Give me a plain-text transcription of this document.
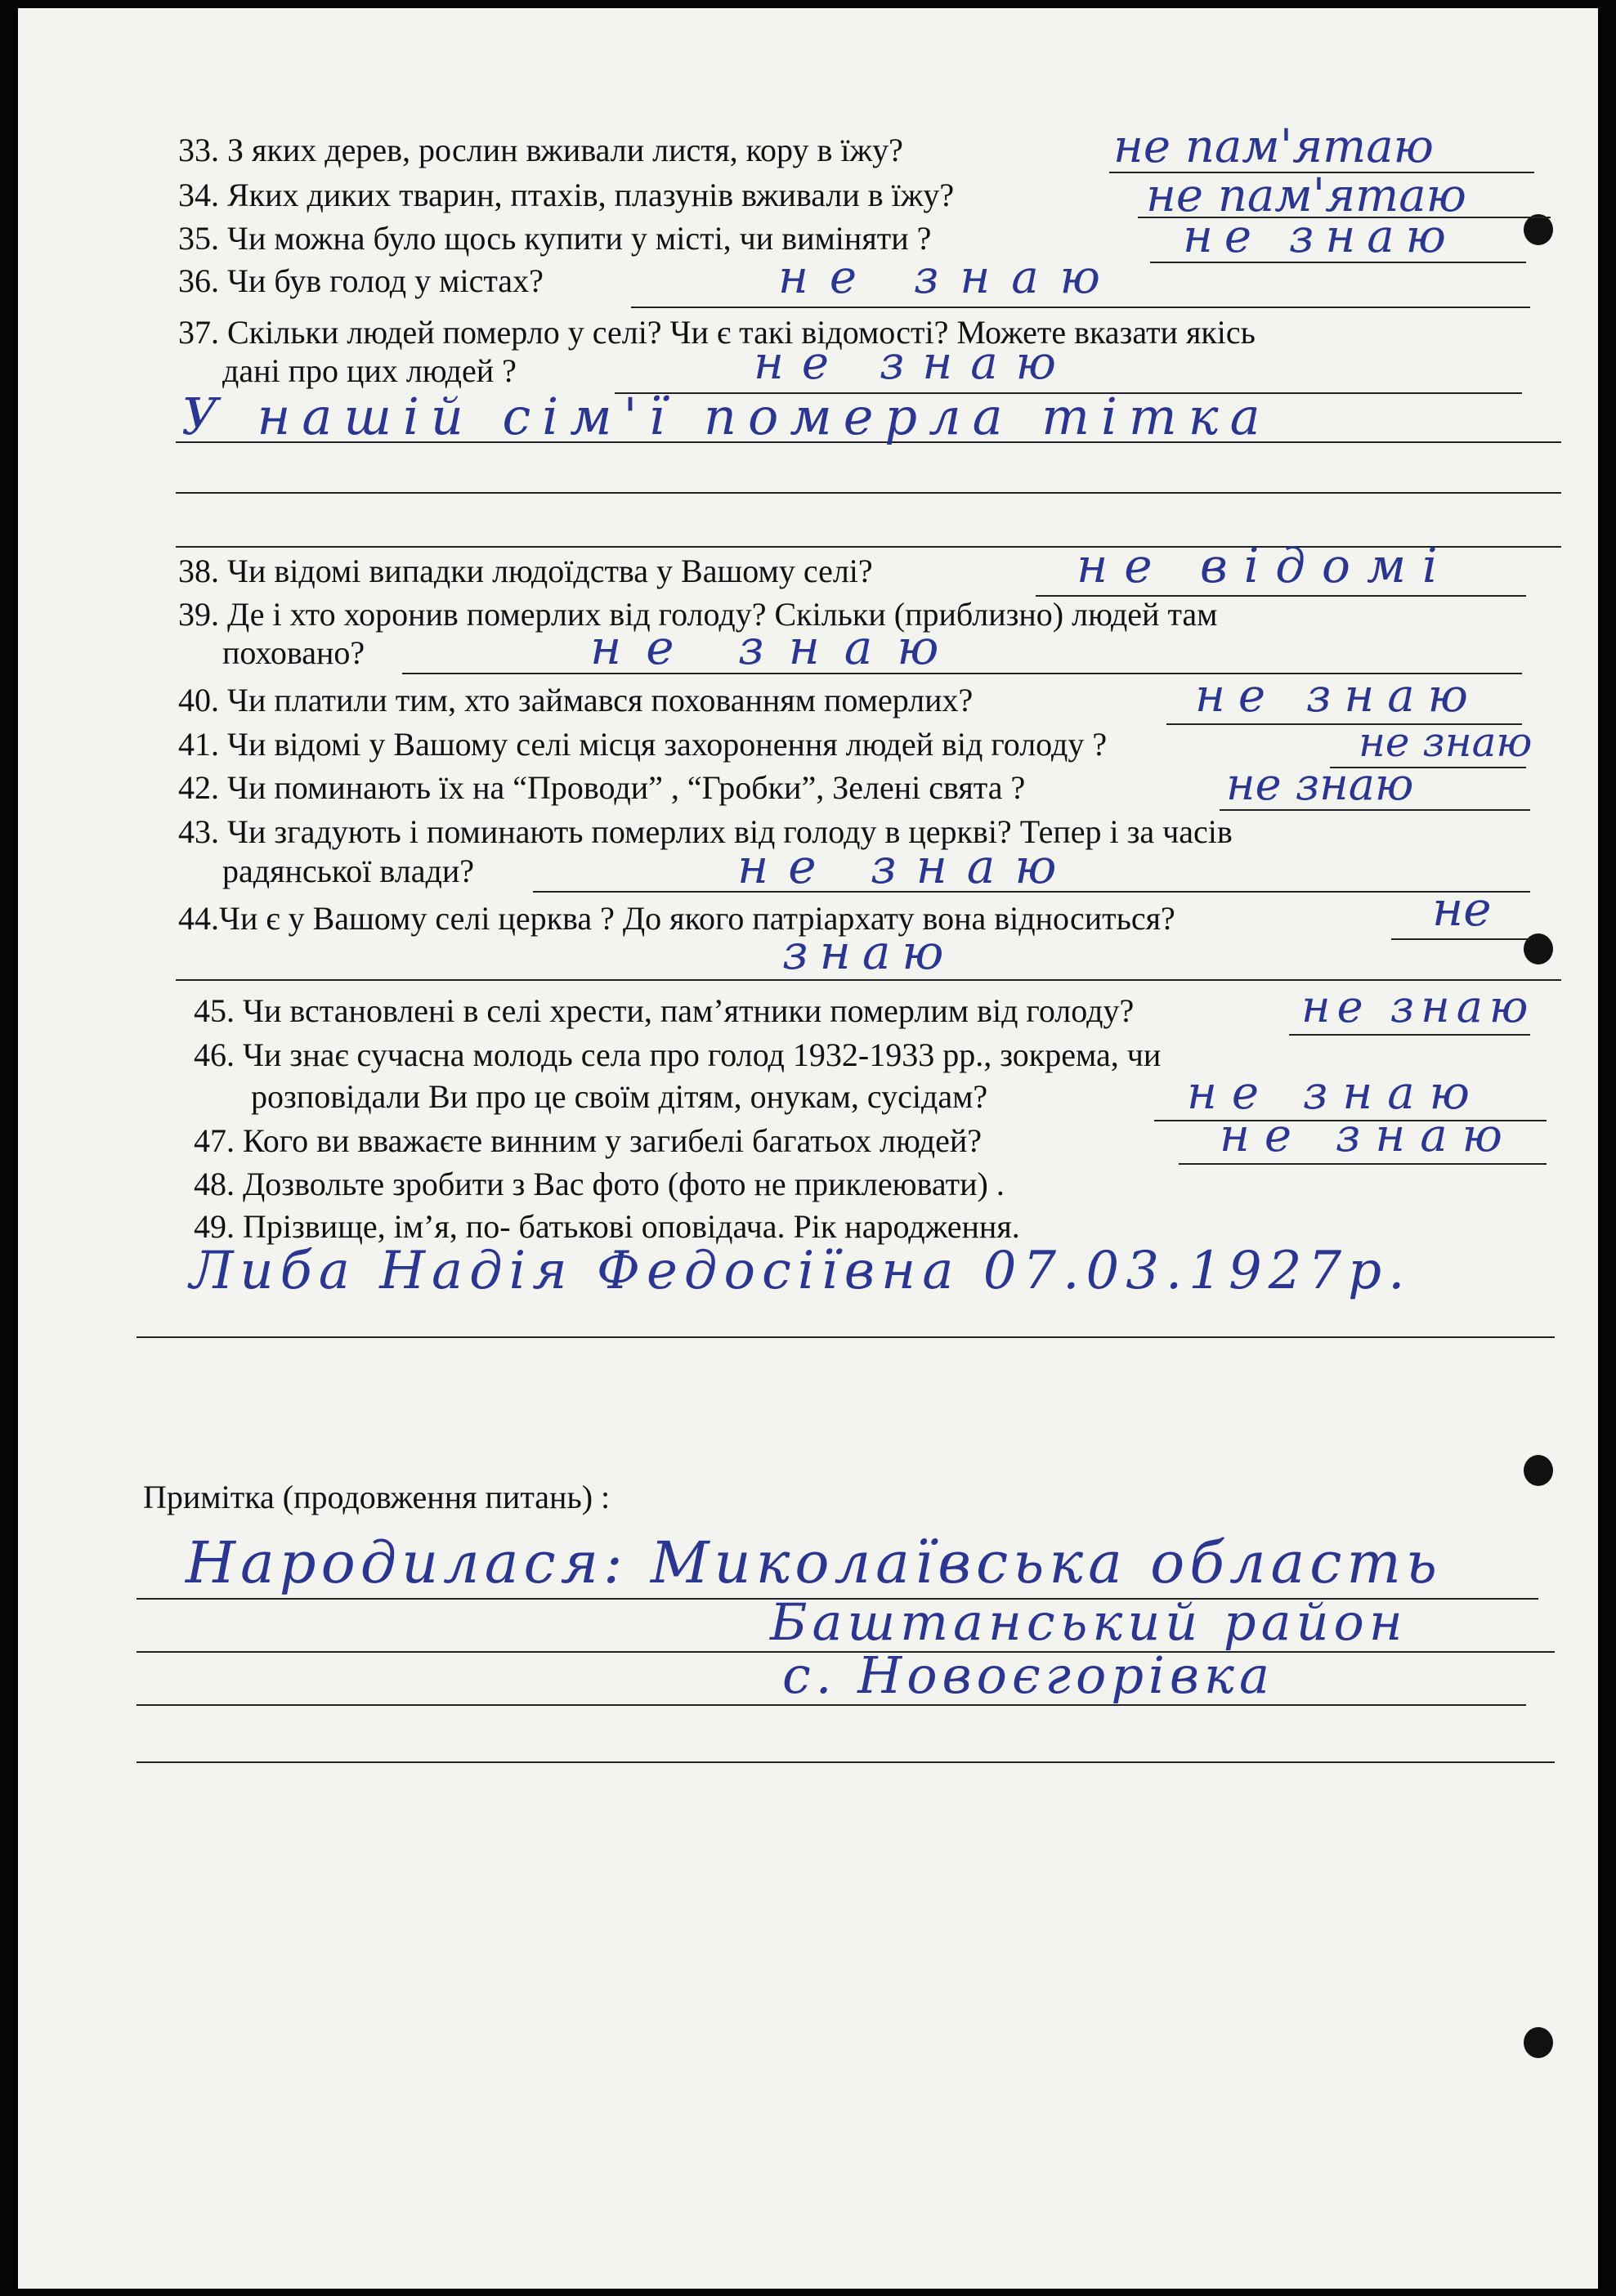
33. З яких дерев, рослин вживали листя, кору в їжу?	не пам'ятаю
34. Яких диких тварин, птахів, плазунів вживали в їжу?	не пам'ятаю
35. Чи можна було щось купити у місті, чи виміняти ?	не знаю
36. Чи був голод у містах?	не знаю
37. Скільки людей померло у селі? Чи є такі відомості? Можете вказати якісь
дані про цих людей ?	не знаю
У нашій сім'ї померла тітка
38. Чи відомі випадки людоїдства у Вашому селі?	не відомі
39. Де і хто хоронив померлих від голоду? Скільки (приблизно) людей там
поховано?	не знаю
40. Чи платили тим, хто займався похованням померлих?	не знаю
41. Чи відомі у Вашому селі місця захоронення людей від голоду ?	не знаю
42. Чи поминають їх на “Проводи” , “Гробки”, Зелені свята ?	не знаю
43. Чи згадують і поминають померлих від голоду в церкві? Тепер і за часів
радянської влади?	не знаю
44.Чи є у Вашому селі церква ? До якого патріархату вона відноситься?	не
знаю
45. Чи встановлені в селі хрести, пам’ятники померлим від голоду?	не знаю
46. Чи знає сучасна молодь села про голод 1932-1933 рр., зокрема, чи
розповідали Ви про це своїм дітям, онукам, сусідам?	не знаю
47. Кого ви вважаєте винним у загибелі багатьох людей?	не знаю
48. Дозвольте зробити з Вас фото (фото не приклеювати) .
49. Прізвище, ім’я, по- батькові оповідача. Рік народження.
Либа Надія Федосіївна 07.03.1927р.
Примітка (продовження питань) :
Народилася: Миколаївська область
Баштанський район
с. Новоєгорівка
